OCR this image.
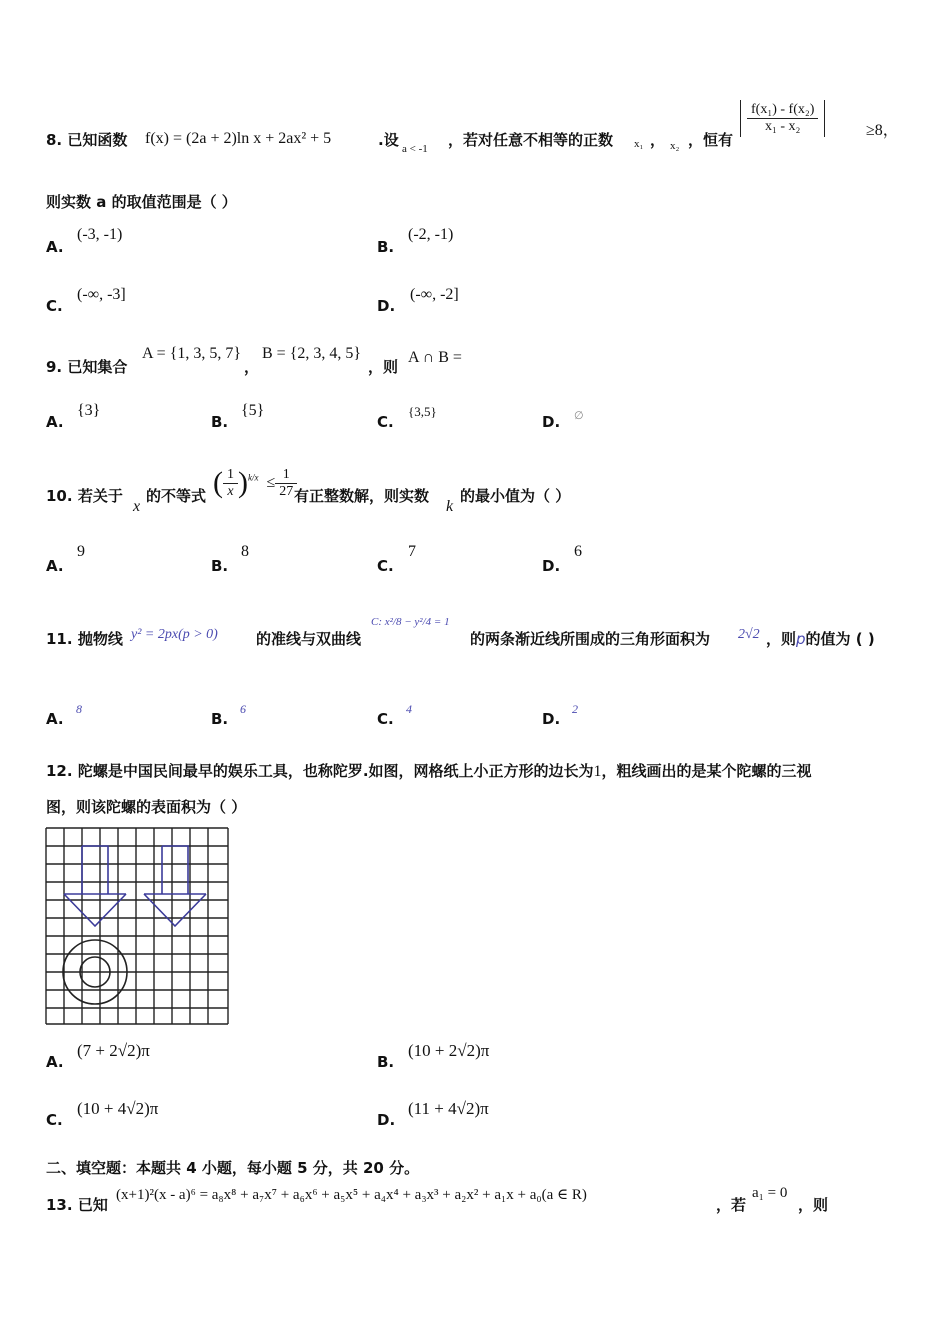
8. 已知函数 f(x) = (2a + 2)ln x + 2ax² + 5	.设 a < -1 ，若对任意不相等的正数 x₁ ， x₂ ，恒有
$\frac{\text{f(x₁) - f(x₂)}}{\text{x₁ - x₂}}$	≥8，
则实数 a 的取值范围是（ ）
A.
(-3, -1)
B.
(-2, -1)
C.
(-∞, -3]
D.
(-∞, -2]
9. 已知集合
A = {1, 3, 5, 7}
，
B = {2, 3, 4, 5}
，则
A ∩ B =
A.
{3}
B.
{5}
C.
{3,5}
D. ∅
10. 若关于
x
的不等式 ( $\frac{1}{x} )^{k/x} \le \frac{1}{27}$
有正整数解，则实数
k
的最小值为（ ）
A.
9
B.
8
C.
7
D.
6
11. 抛物线 y² = 2px(p > 0)	的准线与双曲线
C: x²/8 − y²/4 = 1
的两条渐近线所围成的三角形面积为 2√2 ，则p的值为 ( )
A.
8
B.
6
C.
4
D.
2
12. 陀螺是中国民间最早的娱乐工具，也称陀罗.如图，网格纸上小正方形的边长为1，粗线画出的是某个陀螺的三视
图，则该陀螺的表面积为（ ）
A.
(7 + 2√2)π
B.
(10 + 2√2)π
C.
(10 + 4√2)π
D.
(11 + 4√2)π
二、填空题：本题共 4 小题，每小题 5 分，共 20 分。
13. 已知
(x+1)²(x - a)⁶ = a₈x⁸ + a₇x⁷ + a₆x⁶ + a₅x⁵ + a₄x⁴ + a₃x³ + a₂x² + a₁x + a₀(a ∈ R)
，若
a₁ = 0
，则
